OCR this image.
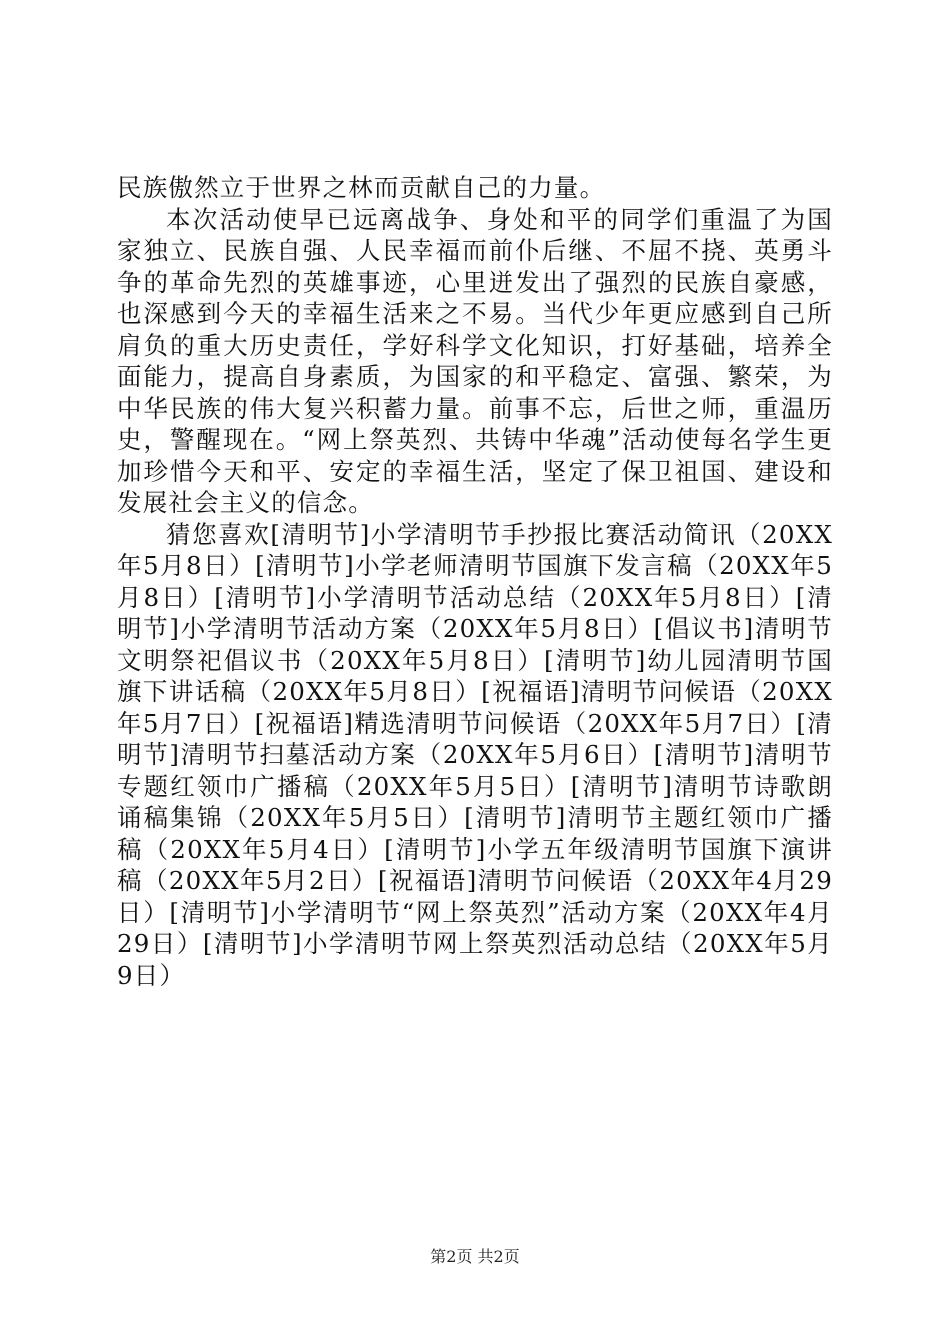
民族傲然立于世界之林而贡献自己的力量。

本次活动使早已远离战争、身处和平的同学们重温了为国家独立、民族自强、人民幸福而前仆后继、不屈不挠、英勇斗争的革命先烈的英雄事迹，心里迸发出了强烈的民族自豪感，也深感到今天的幸福生活来之不易。当代少年更应感到自己所肩负的重大历史责任，学好科学文化知识，打好基础，培养全面能力，提高自身素质，为国家的和平稳定、富强、繁荣，为中华民族的伟大复兴积蓄力量。前事不忘，后世之师，重温历史，警醒现在。“网上祭英烈、共铸中华魂”活动使每名学生更加珍惜今天和平、安定的幸福生活，坚定了保卫祖国、建设和发展社会主义的信念。

猜您喜欢[清明节]小学清明节手抄报比赛活动简讯（20XX年5月8日）[清明节]小学老师清明节国旗下发言稿（20XX年5月8日）[清明节]小学清明节活动总结（20XX年5月8日）[清明节]小学清明节活动方案（20XX年5月8日）[倡议书]清明节文明祭祀倡议书（20XX年5月8日）[清明节]幼儿园清明节国旗下讲话稿（20XX年5月8日）[祝福语]清明节问候语（20XX年5月7日）[祝福语]精选清明节问候语（20XX年5月7日）[清明节]清明节扫墓活动方案（20XX年5月6日）[清明节]清明节专题红领巾广播稿（20XX年5月5日）[清明节]清明节诗歌朗诵稿集锦（20XX年5月5日）[清明节]清明节主题红领巾广播稿（20XX年5月4日）[清明节]小学五年级清明节国旗下演讲稿（20XX年5月2日）[祝福语]清明节问候语（20XX年4月29日）[清明节]小学清明节“网上祭英烈”活动方案（20XX年4月29日）[清明节]小学清明节网上祭英烈活动总结（20XX年5月9日）

第2页 共2页
